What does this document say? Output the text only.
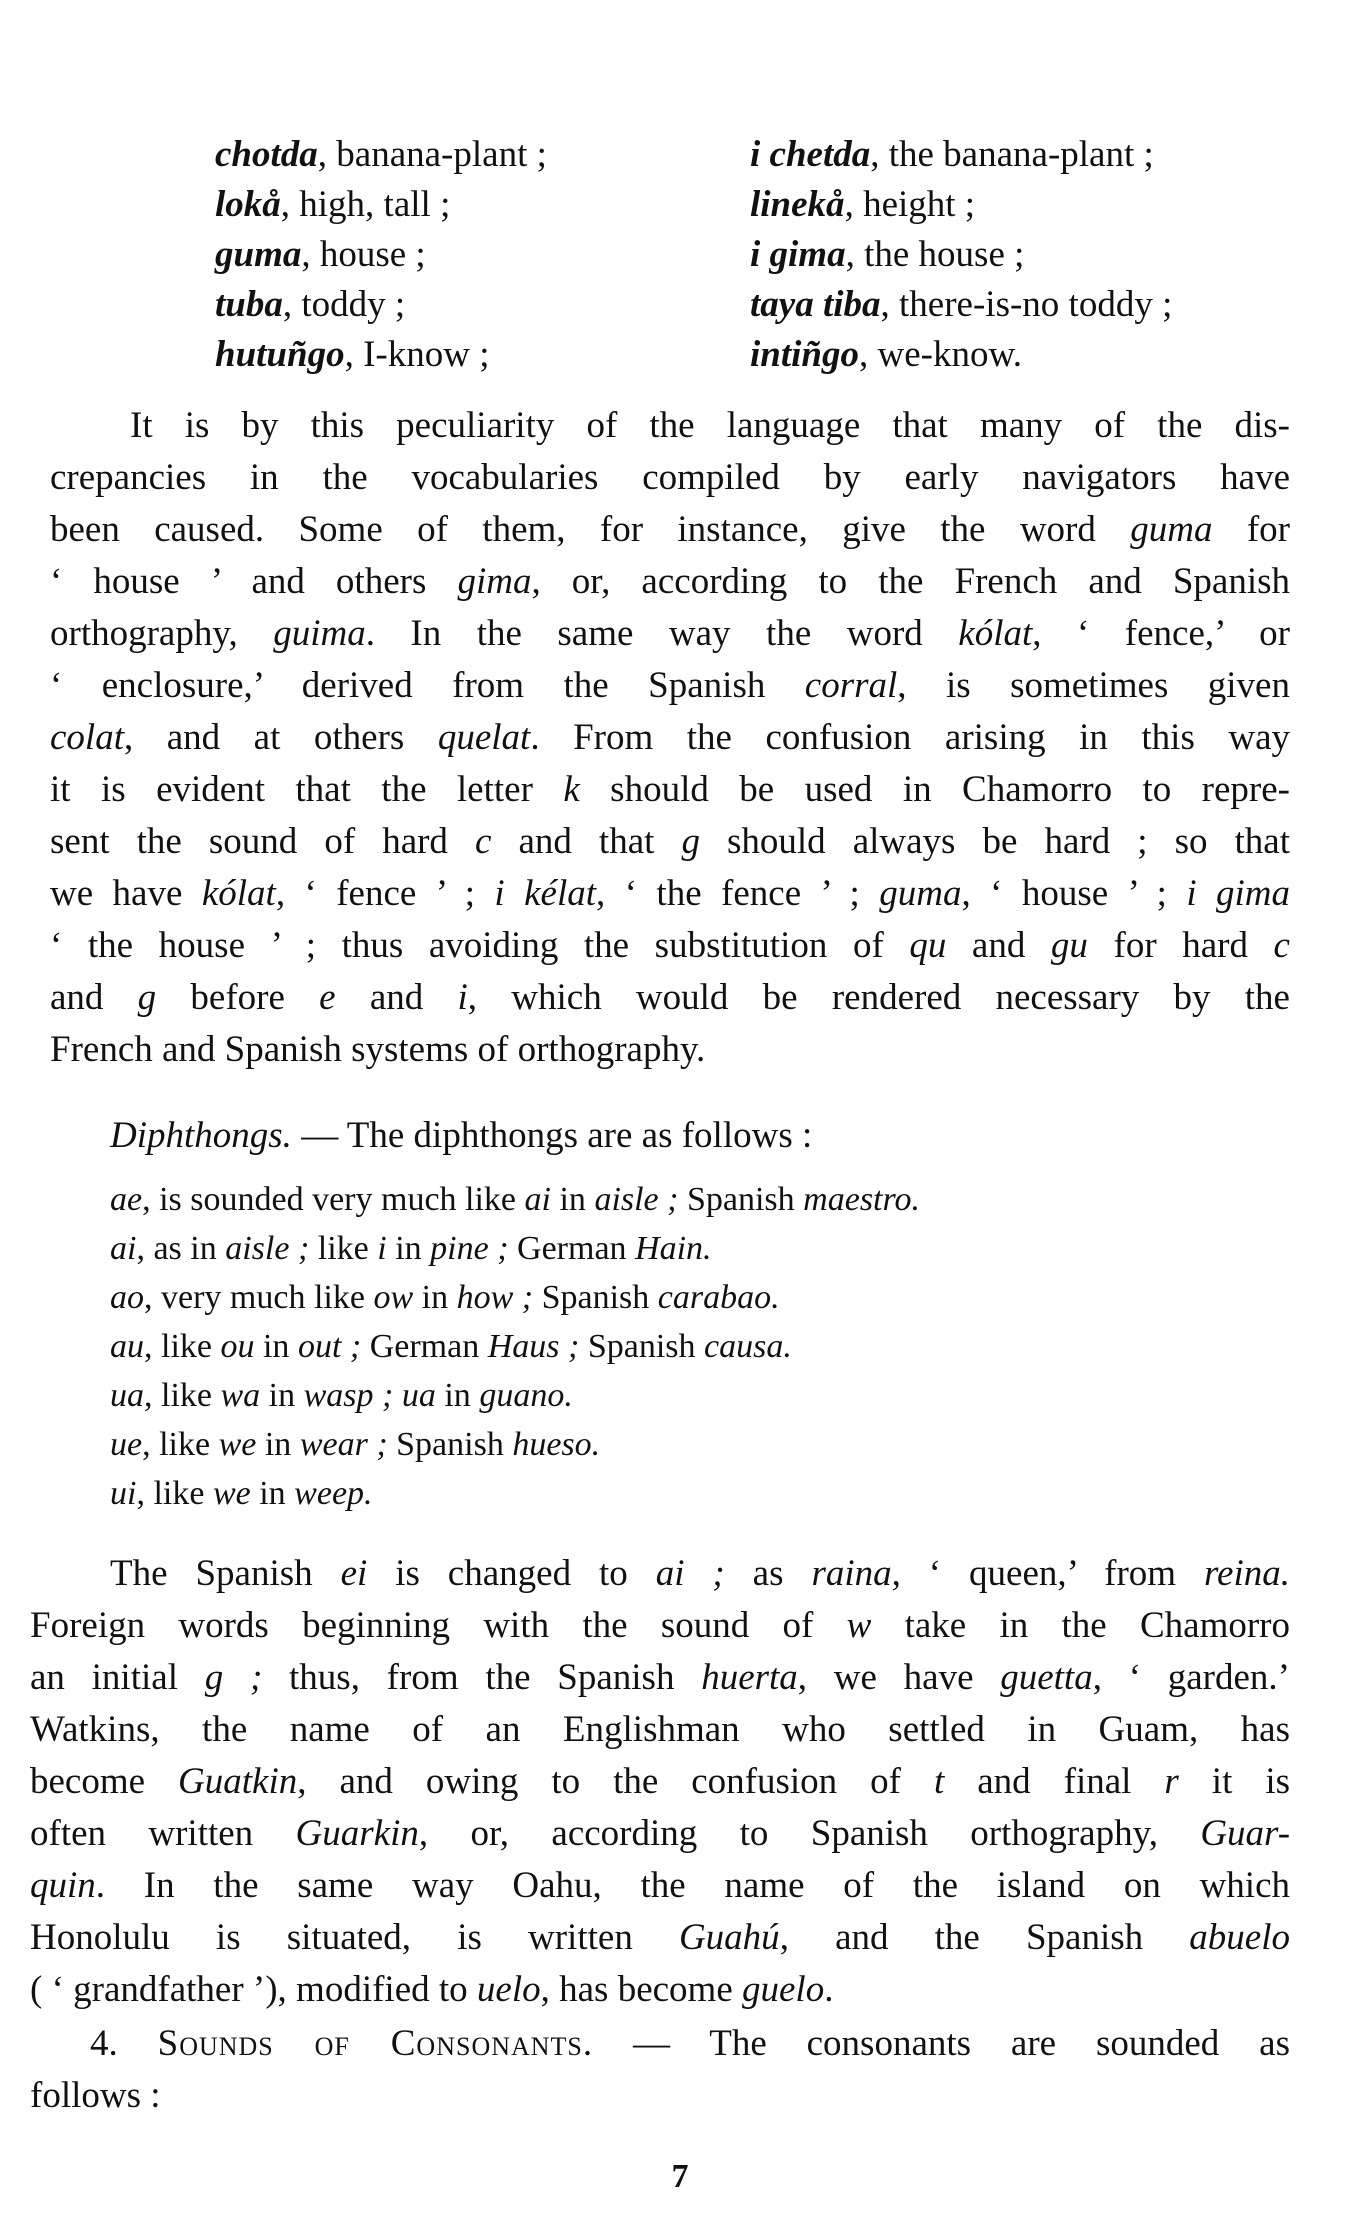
chotda, banana-plant ;	i chetda, the banana-plant ;
lokå, high, tall ;	linekå, height ;
guma, house ;	i gima, the house ;
tuba, toddy ;	taya tiba, there-is-no toddy ;
hutuñgo, I-know ;	intiñgo, we-know.
It is by this peculiarity of the language that many of the dis-
crepancies in the vocabularies compiled by early navigators have
been caused. Some of them, for instance, give the word guma for
‘ house ’ and others gima, or, according to the French and Spanish
orthography, guima. In the same way the word kólat, ‘ fence,’ or
‘ enclosure,’ derived from the Spanish corral, is sometimes given
colat, and at others quelat. From the confusion arising in this way
it is evident that the letter k should be used in Chamorro to repre-
sent the sound of hard c and that g should always be hard ; so that
we have kólat, ‘ fence ’ ; i kélat, ‘ the fence ’ ; guma, ‘ house ’ ; i gima
‘ the house ’ ; thus avoiding the substitution of qu and gu for hard c
and g before e and i, which would be rendered necessary by the
French and Spanish systems of orthography.

Diphthongs. — The diphthongs are as follows :

ae, is sounded very much like ai in aisle ; Spanish maestro.
ai, as in aisle ; like i in pine ; German Hain.
ao, very much like ow in how ; Spanish carabao.
au, like ou in out ; German Haus ; Spanish causa.
ua, like wa in wasp ; ua in guano.
ue, like we in wear ; Spanish hueso.
ui, like we in weep.
The Spanish ei is changed to ai ; as raina, ‘ queen,’ from reina.
Foreign words beginning with the sound of w take in the Chamorro
an initial g ; thus, from the Spanish huerta, we have guetta, ‘ garden.’
Watkins, the name of an Englishman who settled in Guam, has
become Guatkin, and owing to the confusion of t and final r it is
often written Guarkin, or, according to Spanish orthography, Guar-
quin. In the same way Oahu, the name of the island on which
Honolulu is situated, is written Guahú, and the Spanish abuelo
( ‘ grandfather ’), modified to uelo, has become guelo.
4. Sounds of Consonants. — The consonants are sounded as
follows :
7
